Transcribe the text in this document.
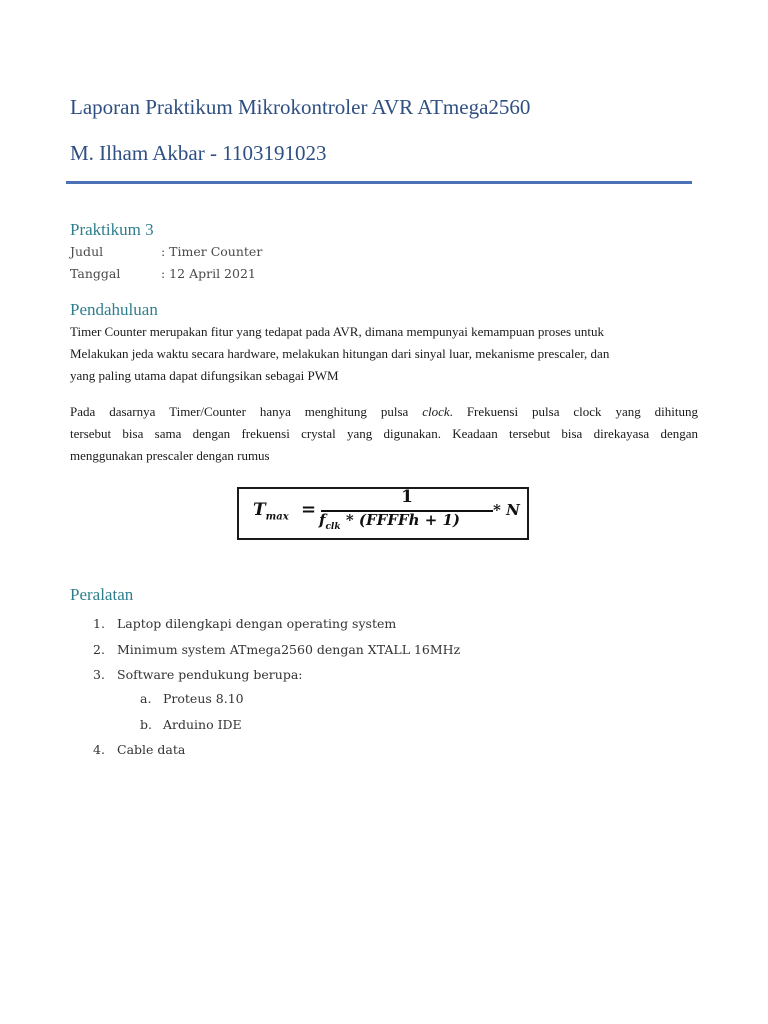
Laporan Praktikum Mikrokontroler AVR ATmega2560
M. Ilham Akbar - 1103191023
Praktikum 3
Judul	: Timer Counter
Tanggal	: 12 April 2021
Pendahuluan
Timer Counter merupakan fitur yang tedapat pada AVR, dimana mempunyai kemampuan proses untuk
Melakukan jeda waktu secara hardware, melakukan hitungan dari sinyal luar, mekanisme prescaler, dan
yang paling utama dapat difungsikan sebagai PWM
Pada dasarnya Timer/Counter hanya menghitung pulsa clock. Frekuensi pulsa clock yang dihitung
tersebut bisa sama dengan frekuensi crystal yang digunakan. Keadaan tersebut bisa direkayasa dengan
menggunakan prescaler dengan rumus
$T_{max}$ =
1
$f_{clk}$ * (FFFFh + 1)
* N
Peralatan
1. Laptop dilengkapi dengan operating system
2. Minimum system ATmega2560 dengan XTALL 16MHz
3. Software pendukung berupa:
a. Proteus 8.10
b. Arduino IDE
4. Cable data
